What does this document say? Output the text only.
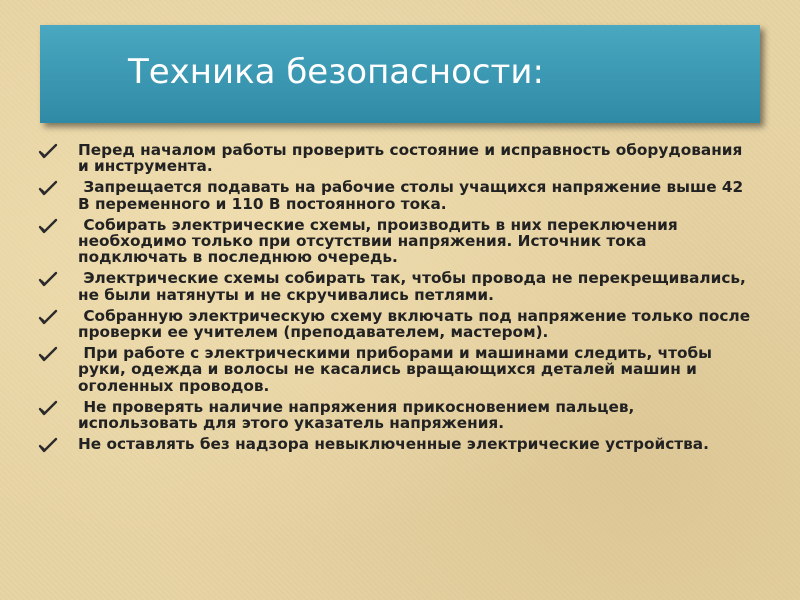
Техника безопасности:
Перед началом работы проверить состояние и исправность оборудования и инструмента.
Запрещается подавать на рабочие столы учащихся напряжение выше 42 В переменного и 110 В постоянного тока.
Собирать электрические схемы, производить в них переключения необходимо только при отсутствии напряжения. Источник тока подключать в последнюю очередь.
Электрические схемы собирать так, чтобы провода не перекрещивались, не были натянуты и не скручивались петлями.
Собранную электрическую схему включать под напряжение только после проверки ее учителем (преподавателем, мастером).
При работе с электрическими приборами и машинами следить, чтобы руки, одежда и волосы не касались вращающихся деталей машин и оголенных проводов.
Не проверять наличие напряжения прикосновением пальцев, использовать для этого указатель напряжения.
Не оставлять без надзора невыключенные электрические устройства.
